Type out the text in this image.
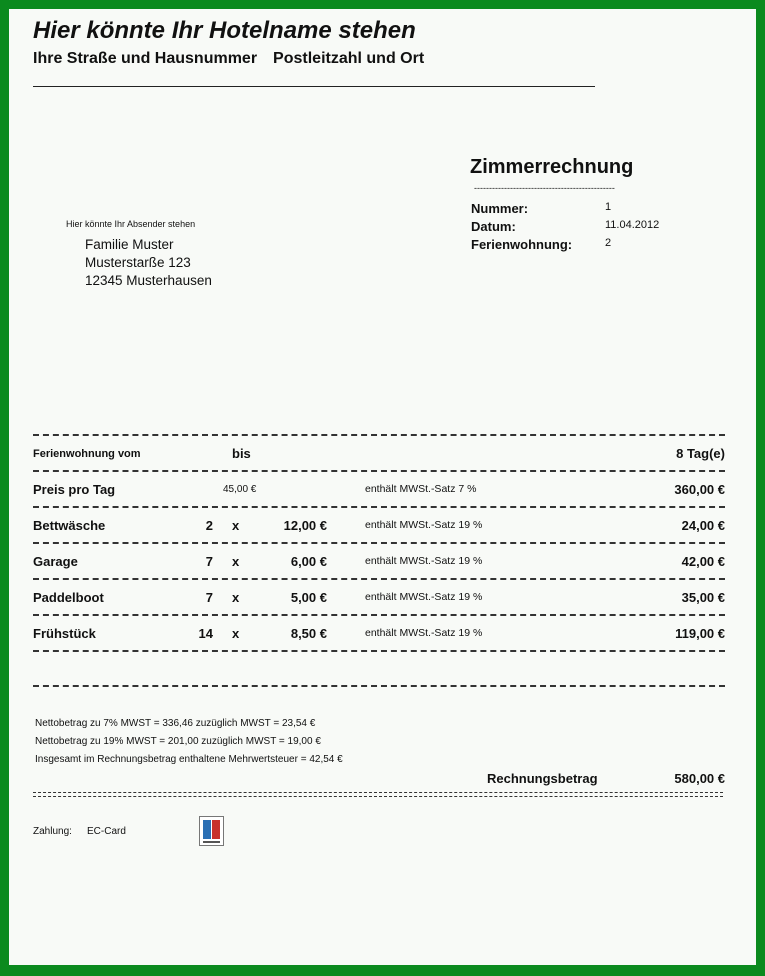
Hier könnte Ihr Hotelname stehen
Ihre Straße und Hausnummer Postleitzahl und Ort
Zimmerrechnung
-----------------------------------------------
Nummer:	1
Datum:	11.04.2012
Ferienwohnung:	2
Hier könnte Ihr Absender stehen
Familie Muster
Musterstarße 123
12345 Musterhausen
Ferienwohnung vom	bis	8 Tag(e)
Preis pro Tag	45,00 €	enthält MWSt.-Satz 7 %	360,00 €
Bettwäsche	2 x	12,00 €	enthält MWSt.-Satz 19 %	24,00 €
Garage	7 x	6,00 €	enthält MWSt.-Satz 19 %	42,00 €
Paddelboot	7 x	5,00 €	enthält MWSt.-Satz 19 %	35,00 €
Frühstück	14 x	8,50 €	enthält MWSt.-Satz 19 %	119,00 €
Nettobetrag zu 7% MWST = 336,46 zuzüglich MWST = 23,54 €
Nettobetrag zu 19% MWST = 201,00 zuzüglich MWST = 19,00 €
Insgesamt im Rechnungsbetrag enthaltene Mehrwertsteuer = 42,54 €
Rechnungsbetrag	580,00 €
Zahlung: EC-Card
